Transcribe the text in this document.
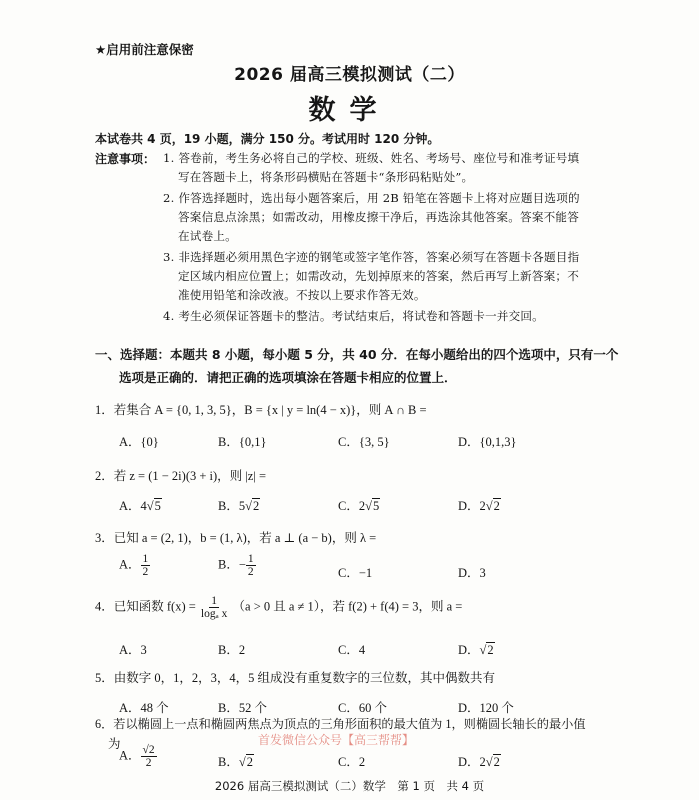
★启用前注意保密
2026 届高三模拟测试（二）
数学
本试卷共 4 页，19 小题，满分 150 分。考试用时 120 分钟。
注意事项： 1. 答卷前，考生务必将自己的学校、班级、姓名、考场号、座位号和准考证号填
写在答题卡上，将条形码横贴在答题卡“条形码粘贴处”。
2. 作答选择题时，选出每小题答案后，用 2B 铅笔在答题卡上将对应题目选项的
答案信息点涂黑；如需改动，用橡皮擦干净后，再选涂其他答案。答案不能答
在试卷上。
3. 非选择题必须用黑色字迹的钢笔或签字笔作答，答案必须写在答题卡各题目指
定区域内相应位置上；如需改动，先划掉原来的答案，然后再写上新答案；不
准使用铅笔和涂改液。不按以上要求作答无效。
4. 考生必须保证答题卡的整洁。考试结束后，将试卷和答题卡一并交回。
一、选择题：本题共 8 小题，每小题 5 分，共 40 分．在每小题给出的四个选项中，只有一个
选项是正确的．请把正确的选项填涂在答题卡相应的位置上．
1．若集合 A = {0, 1, 3, 5}，B = {x | y = ln(4 − x)}，则 A ∩ B =
A．{0}	B．{0,1}	C．{3, 5}	D．{0,1,3}
2．若 z = (1 − 2i)(3 + i)，则 |z| =
A．4√5	B．5√2	C．2√5	D．2√2
3．已知 a = (2, 1)，b = (1, λ)，若 a ⊥ (a − b)，则 λ =
A． $\frac{1}{2}$	B．− $\frac{1}{2}$	C．−1	D．3
4．已知函数 $f(x) = \frac{1}{\text{logₐ x}} (a > 0$ 且 a ≠ 1），若 f(2) + f(4) = 3，则 a =
A．3	B．2	C．4	D．√2
5．由数字 0，1，2，3，4，5 组成没有重复数字的三位数，其中偶数共有
A．48 个	B．52 个	C．60 个	D．120 个
6．若以椭圆上一点和椭圆两焦点为顶点的三角形面积的最大值为 1，则椭圆长轴长的最小值
首发微信公众号【高三帮帮】
为
2026 届高三模拟测试（二）数学　第 1 页　共 4 页
A． $\frac{√2}{2}$	B．√2	C．2	D．2√2
